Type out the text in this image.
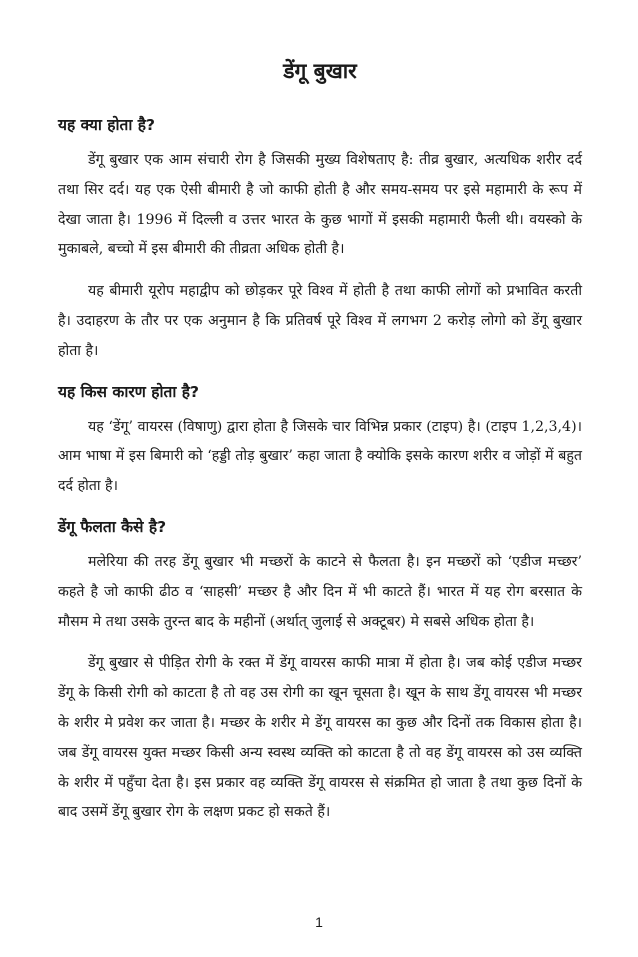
डेंगू बुखार
यह क्या होता है?

डेंगू बुखार एक आम संचारी रोग है जिसकी मुख्य विशेषताए है: तीव्र बुखार, अत्यधिक शरीर दर्द तथा सिर दर्द। यह एक ऐसी बीमारी है जो काफी होती है और समय-समय पर इसे महामारी के रूप में देखा जाता है। 1996 में दिल्ली व उत्तर भारत के कुछ भागों में इसकी महामारी फैली थी। वयस्को के मुकाबले, बच्चो में इस बीमारी की तीव्रता अधिक होती है।

यह बीमारी यूरोप महाद्वीप को छोड़कर पूरे विश्व में होती है तथा काफी लोगों को प्रभावित करती है। उदाहरण के तौर पर एक अनुमान है कि प्रतिवर्ष पूरे विश्व में लगभग 2 करोड़ लोगो को डेंगू बुखार होता है।

यह किस कारण होता है?

यह ‘डेंगू’ वायरस (विषाणु) द्वारा होता है जिसके चार विभिन्न प्रकार (टाइप) है। (टाइप 1,2,3,4)। आम भाषा में इस बिमारी को ‘हड्डी तोड़ बुखार’ कहा जाता है क्योकि इसके कारण शरीर व जोड़ों में बहुत दर्द होता है।

डेंगू फैलता कैसे है?

मलेरिया की तरह डेंगू बुखार भी मच्छरों के काटने से फैलता है। इन मच्छरों को ‘एडीज मच्छर’ कहते है जो काफी ढीठ व ‘साहसी’ मच्छर है और दिन में भी काटते हैं। भारत में यह रोग बरसात के मौसम मे तथा उसके तुरन्त बाद के महीनों (अर्थात् जुलाई से अक्टूबर) मे सबसे अधिक होता है।

डेंगू बुखार से पीड़ित रोगी के रक्त में डेंगू वायरस काफी मात्रा में होता है। जब कोई एडीज मच्छर डेंगू के किसी रोगी को काटता है तो वह उस रोगी का खून चूसता है। खून के साथ डेंगू वायरस भी मच्छर के शरीर मे प्रवेश कर जाता है। मच्छर के शरीर मे डेंगू वायरस का कुछ और दिनों तक विकास होता है। जब डेंगू वायरस युक्त मच्छर किसी अन्य स्वस्थ व्यक्ति को काटता है तो वह डेंगू वायरस को उस व्यक्ति के शरीर में पहुँचा देता है। इस प्रकार वह व्यक्ति डेंगू वायरस से संक्रमित हो जाता है तथा कुछ दिनों के बाद उसमें डेंगू बुखार रोग के लक्षण प्रकट हो सकते हैं।

1
